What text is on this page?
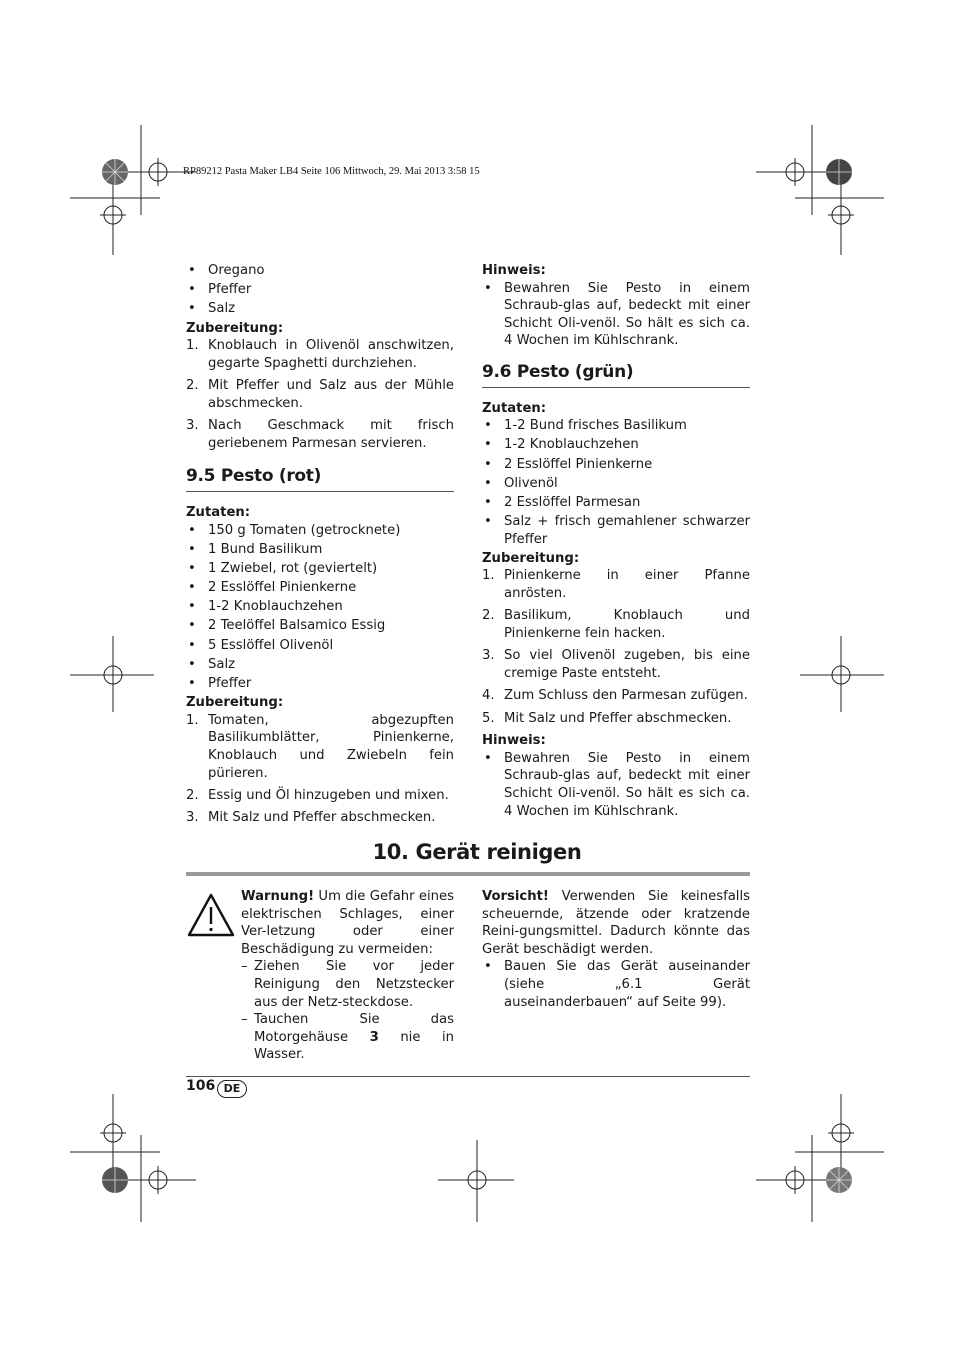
RP89212 Pasta Maker LB4 Seite 106 Mittwoch, 29. Mai 2013 3:58 15
• Oregano
• Pfeffer
• Salz

Zubereitung:

1. Knoblauch in Olivenöl anschwitzen, gegarte Spaghetti durchziehen.
2. Mit Pfeffer und Salz aus der Mühle abschmecken.
3. Nach Geschmack mit frisch geriebenem Parmesan servieren.
9.5 Pesto (rot)

Zutaten:

• 150 g Tomaten (getrocknete)
• 1 Bund Basilikum
• 1 Zwiebel, rot (geviertelt)
• 2 Esslöffel Pinienkerne
• 1-2 Knoblauchzehen
• 2 Teelöffel Balsamico Essig
• 5 Esslöffel Olivenöl
• Salz
• Pfeffer

Zubereitung:

1. Tomaten, abgezupften Basilikumblätter, Pinienkerne, Knoblauch und Zwiebeln fein pürieren.
2. Essig und Öl hinzugeben und mixen.
3. Mit Salz und Pfeffer abschmecken.

Hinweis:

• Bewahren Sie Pesto in einem Schraub-glas auf, bedeckt mit einer Schicht Oli-venöl. So hält es sich ca. 4 Wochen im Kühlschrank.
9.6 Pesto (grün)

Zutaten:

• 1-2 Bund frisches Basilikum
• 1-2 Knoblauchzehen
• 2 Esslöffel Pinienkerne
• Olivenöl
• 2 Esslöffel Parmesan
• Salz + frisch gemahlener schwarzer Pfeffer

Zubereitung:

1. Pinienkerne in einer Pfanne anrösten.
2. Basilikum, Knoblauch und Pinienkerne fein hacken.
3. So viel Olivenöl zugeben, bis eine cremige Paste entsteht.
4. Zum Schluss den Parmesan zufügen.
5. Mit Salz und Pfeffer abschmecken.

Hinweis:

• Bewahren Sie Pesto in einem Schraub-glas auf, bedeckt mit einer Schicht Oli-venöl. So hält es sich ca. 4 Wochen im Kühlschrank.
10. Gerät reinigen

Warnung! Um die Gefahr eines elektrischen Schlages, einer Ver-letzung oder einer Beschädigung zu vermeiden:

– Ziehen Sie vor jeder Reinigung den Netzstecker aus der Netz-steckdose.
– Tauchen Sie das Motorgehäuse 3 nie in Wasser.

Vorsicht! Verwenden Sie keinesfalls scheuernde, ätzende oder kratzende Reini-gungsmittel. Dadurch könnte das Gerät beschädigt werden.

• Bauen Sie das Gerät auseinander (siehe „6.1 Gerät auseinanderbauen“ auf Seite 99).
106 DE
